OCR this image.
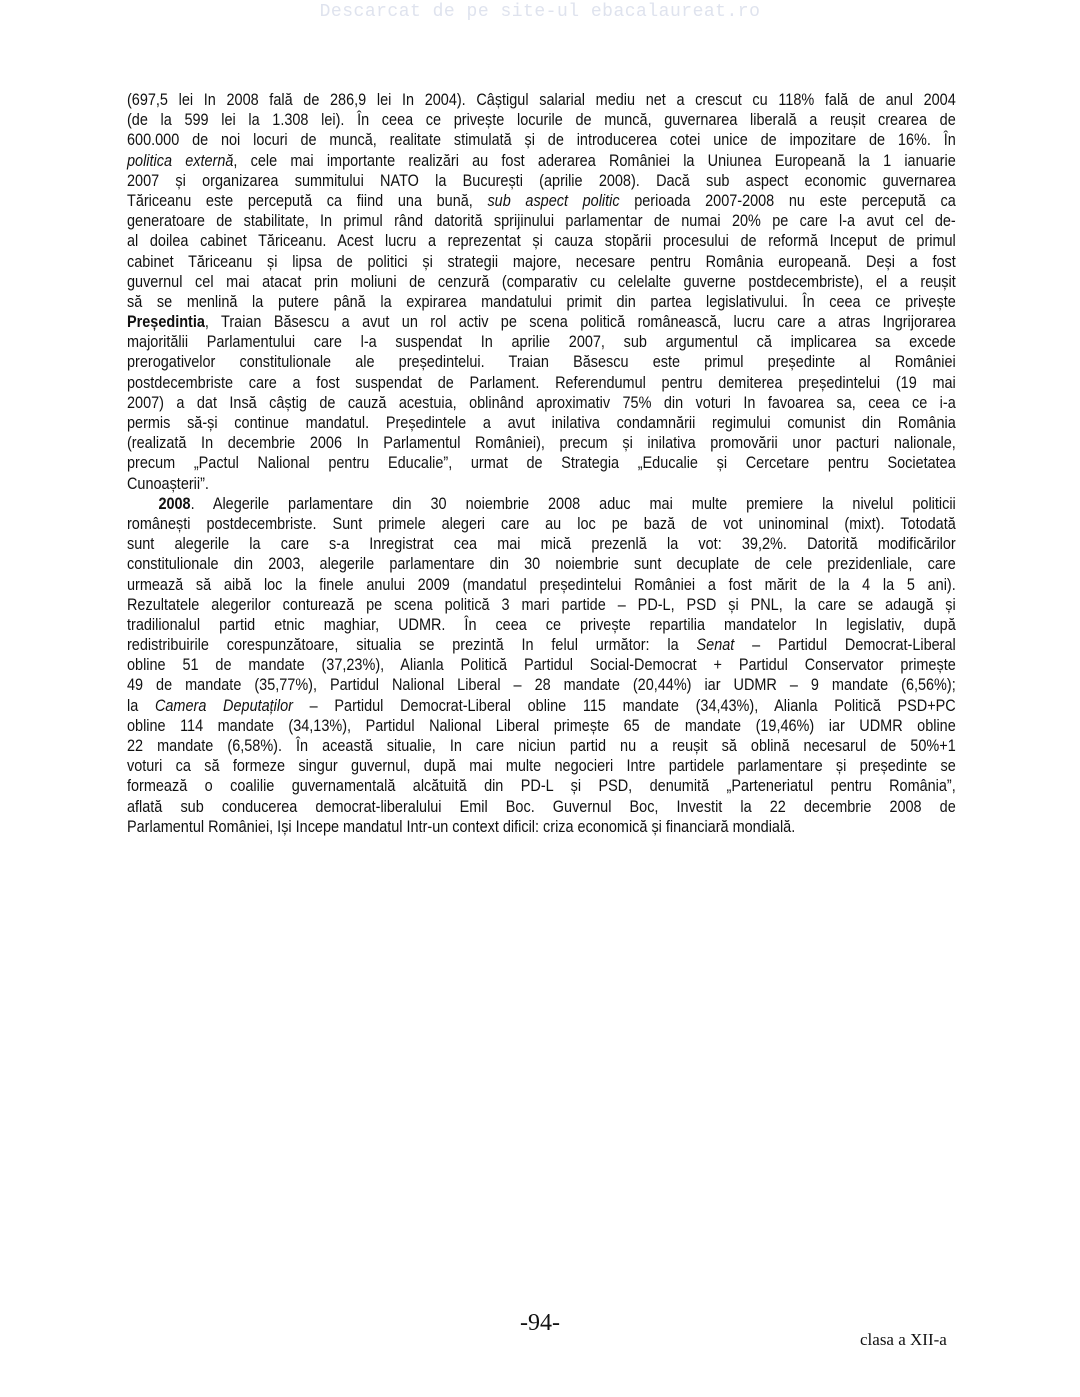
Descarcat de pe site-ul ebacalaureat.ro
(697,5 lei In 2008 fală de 286,9 lei In 2004). Câștigul salarial mediu net a crescut cu 118% fală de anul 2004
(de la 599 lei la 1.308 lei). În ceea ce privește locurile de muncă, guvernarea liberală a reușit crearea de
600.000 de noi locuri de muncă, realitate stimulată și de introducerea cotei unice de impozitare de 16%. În
politica externă, cele mai importante realizări au fost aderarea României la Uniunea Europeană la 1 ianuarie
2007 și organizarea summitului NATO la București (aprilie 2008). Dacă sub aspect economic guvernarea
Tăriceanu este percepută ca fiind una bună, sub aspect politic perioada 2007-2008 nu este percepută ca
generatoare de stabilitate, In primul rând datorită sprijinului parlamentar de numai 20% pe care l-a avut cel de-
al doilea cabinet Tăriceanu. Acest lucru a reprezentat și cauza stopării procesului de reformă Inceput de primul
cabinet Tăriceanu și lipsa de politici și strategii majore, necesare pentru România europeană. Deși a fost
guvernul cel mai atacat prin moliuni de cenzură (comparativ cu celelalte guverne postdecembriste), el a reușit
să se menlină la putere până la expirarea mandatului primit din partea legislativului. În ceea ce privește
Președintia, Traian Băsescu a avut un rol activ pe scena politică românească, lucru care a atras Ingrijorarea
majoritălii Parlamentului care l-a suspendat In aprilie 2007, sub argumentul că implicarea sa excede
prerogativelor constitulionale ale președintelui. Traian Băsescu este primul președinte al României
postdecembriste care a fost suspendat de Parlament. Referendumul pentru demiterea președintelui (19 mai
2007) a dat Insă câștig de cauză acestuia, oblinând aproximativ 75% din voturi In favoarea sa, ceea ce i-a
permis să-și continue mandatul. Președintele a avut inilativa condamnării regimului comunist din România
(realizată In decembrie 2006 In Parlamentul României), precum și inilativa promovării unor pacturi nalionale,
precum „Pactul Nalional pentru Educalie”, urmat de Strategia „Educalie și Cercetare pentru Societatea
Cunoașterii”.
2008. Alegerile parlamentare din 30 noiembrie 2008 aduc mai multe premiere la nivelul politicii
românești postdecembriste. Sunt primele alegeri care au loc pe bază de vot uninominal (mixt). Totodată
sunt alegerile la care s-a Inregistrat cea mai mică prezenlă la vot: 39,2%. Datorită modificărilor
constitulionale din 2003, alegerile parlamentare din 30 noiembrie sunt decuplate de cele prezidenliale, care
urmează să aibă loc la finele anului 2009 (mandatul președintelui României a fost mărit de la 4 la 5 ani).
Rezultatele alegerilor conturează pe scena politică 3 mari partide – PD-L, PSD și PNL, la care se adaugă și
tradilionalul partid etnic maghiar, UDMR. În ceea ce privește repartilia mandatelor In legislativ, după
redistribuirile corespunzătoare, situalia se prezintă In felul următor: la Senat – Partidul Democrat-Liberal
obline 51 de mandate (37,23%), Alianla Politică Partidul Social-Democrat + Partidul Conservator primește
49 de mandate (35,77%), Partidul Nalional Liberal – 28 mandate (20,44%) iar UDMR – 9 mandate (6,56%);
la Camera Deputaților – Partidul Democrat-Liberal obline 115 mandate (34,43%), Alianla Politică PSD+PC
obline 114 mandate (34,13%), Partidul Nalional Liberal primește 65 de mandate (19,46%) iar UDMR obline
22 mandate (6,58%). În această situalie, In care niciun partid nu a reușit să oblină necesarul de 50%+1
voturi ca să formeze singur guvernul, după mai multe negocieri Intre partidele parlamentare și președinte se
formează o coalilie guvernamentală alcătuită din PD-L și PSD, denumită „Parteneriatul pentru România”,
aflată sub conducerea democrat-liberalului Emil Boc. Guvernul Boc, Investit la 22 decembrie 2008 de
Parlamentul României, Iși Incepe mandatul Intr-un context dificil: criza economică și financiară mondială.
-94-
clasa a XII-a
